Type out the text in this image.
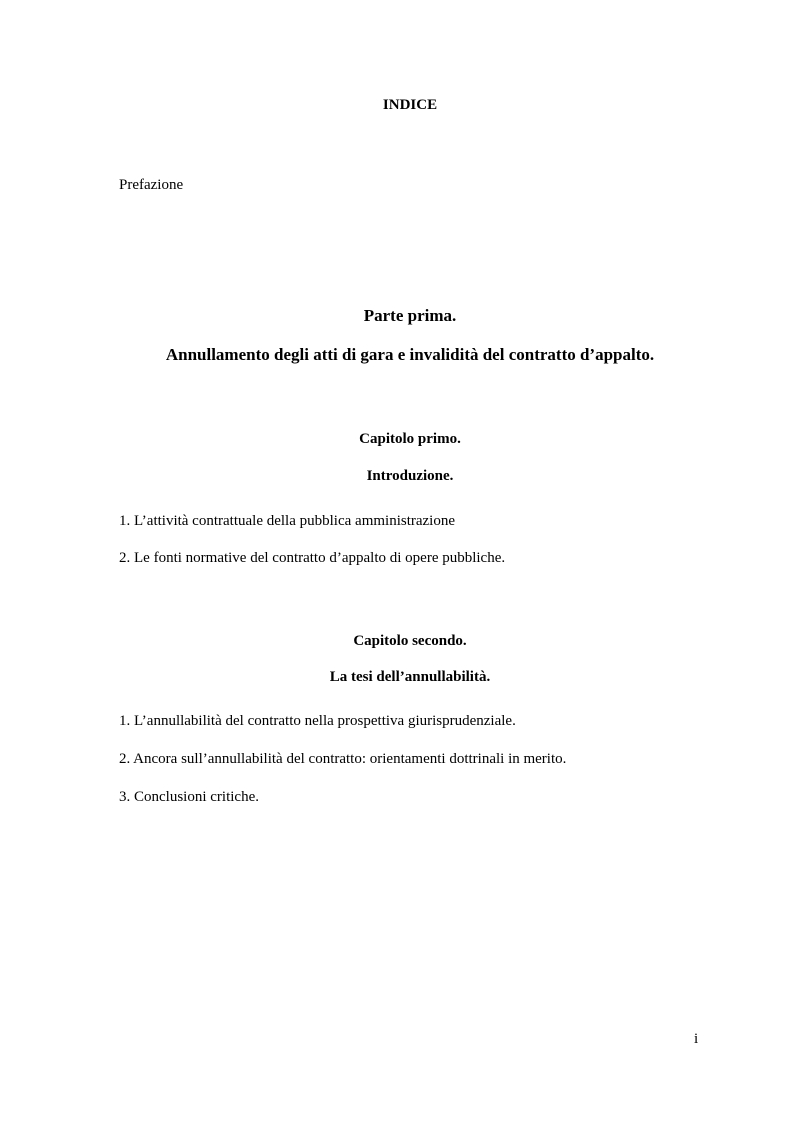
INDICE
Prefazione
Parte prima.
Annullamento degli atti di gara e invalidità del contratto d’appalto.
Capitolo primo.
Introduzione.
1. L’attività contrattuale della pubblica amministrazione
2. Le fonti normative del contratto d’appalto di opere pubbliche.
Capitolo secondo.
La tesi dell’annullabilità.
1. L’annullabilità del contratto nella prospettiva giurisprudenziale.
2. Ancora sull’annullabilità del contratto: orientamenti dottrinali in merito.
3. Conclusioni critiche.
i
